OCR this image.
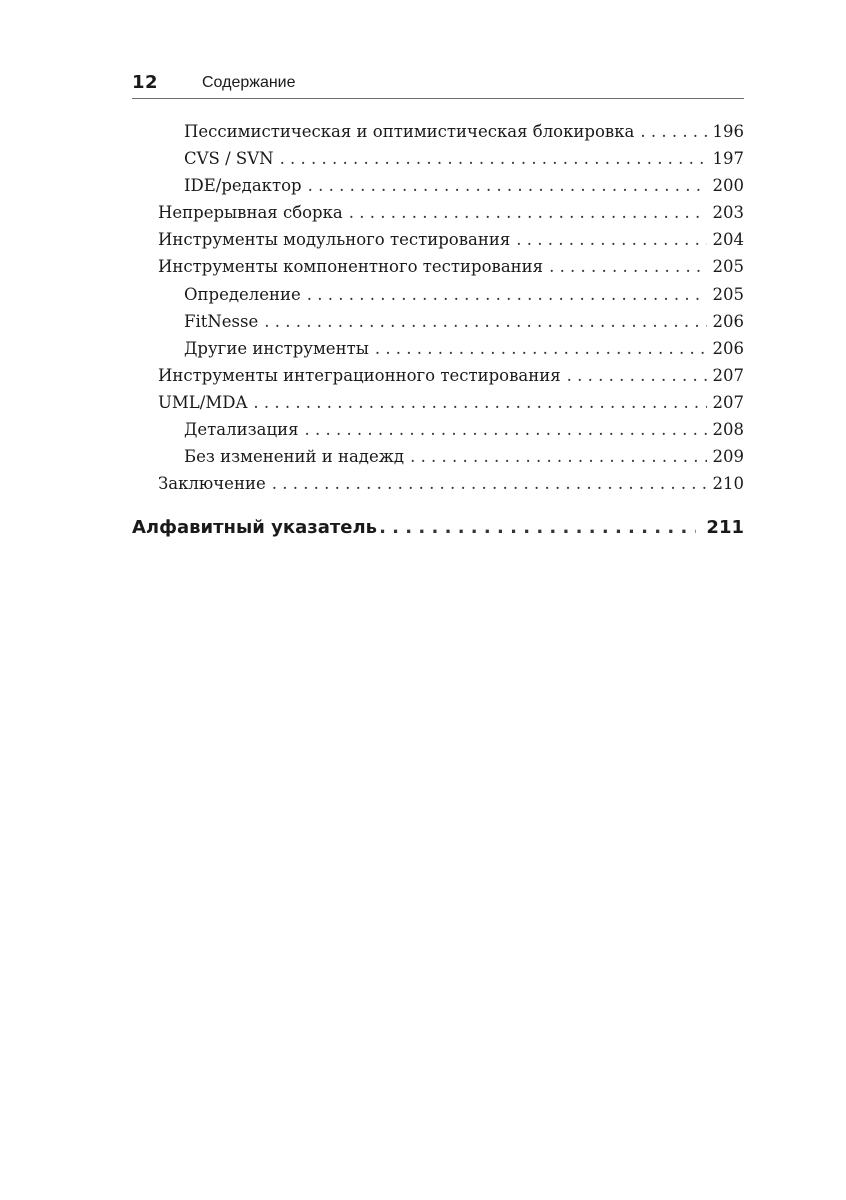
12	Содержание
Пессимистическая и оптимистическая блокировка . . .	196
CVS / SVN . . .	197
IDE/редактор . . .	200
Непрерывная сборка . . .	203
Инструменты модульного тестирования . . .	204
Инструменты компонентного тестирования . . .	205
Определение . . .	205
FitNesse . . .	206
Другие инструменты . . .	206
Инструменты интеграционного тестирования . . .	207
UML/MDA . . .	207
Детализация . . .	208
Без изменений и надежд . . .	209
Заключение . . .	210
Алфавитный указатель . . .	211
